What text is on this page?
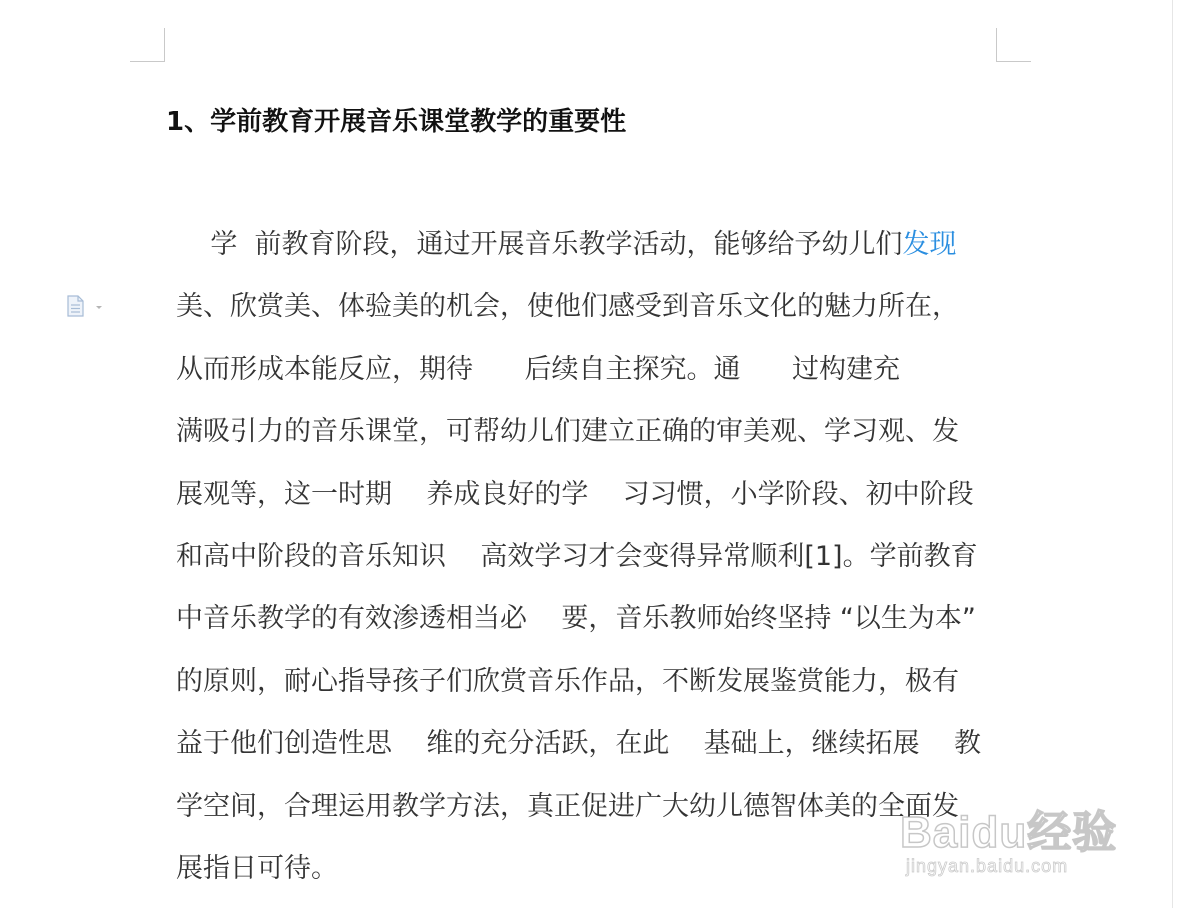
1、学前教育开展音乐课堂教学的重要性
学  前教育阶段，通过开展音乐教学活动，能够给予幼儿们发现
美、欣赏美、体验美的机会，使他们感受到音乐文化的魅力所在，
从而形成本能反应，期待      后续自主探究。通      过构建充
满吸引力的音乐课堂，可帮幼儿们建立正确的审美观、学习观、发
展观等，这一时期    养成良好的学    习习惯，小学阶段、初中阶段
和高中阶段的音乐知识    高效学习才会变得异常顺利[1]。学前教育
中音乐教学的有效渗透相当必    要，音乐教师始终坚持 “以生为本”
的原则，耐心指导孩子们欣赏音乐作品，不断发展鉴赏能力，极有
益于他们创造性思    维的充分活跃，在此    基础上，继续拓展    教
学空间，合理运用教学方法，真正促进广大幼儿德智体美的全面发
展指日可待。
Baidu经验
jingyan.baidu.com
